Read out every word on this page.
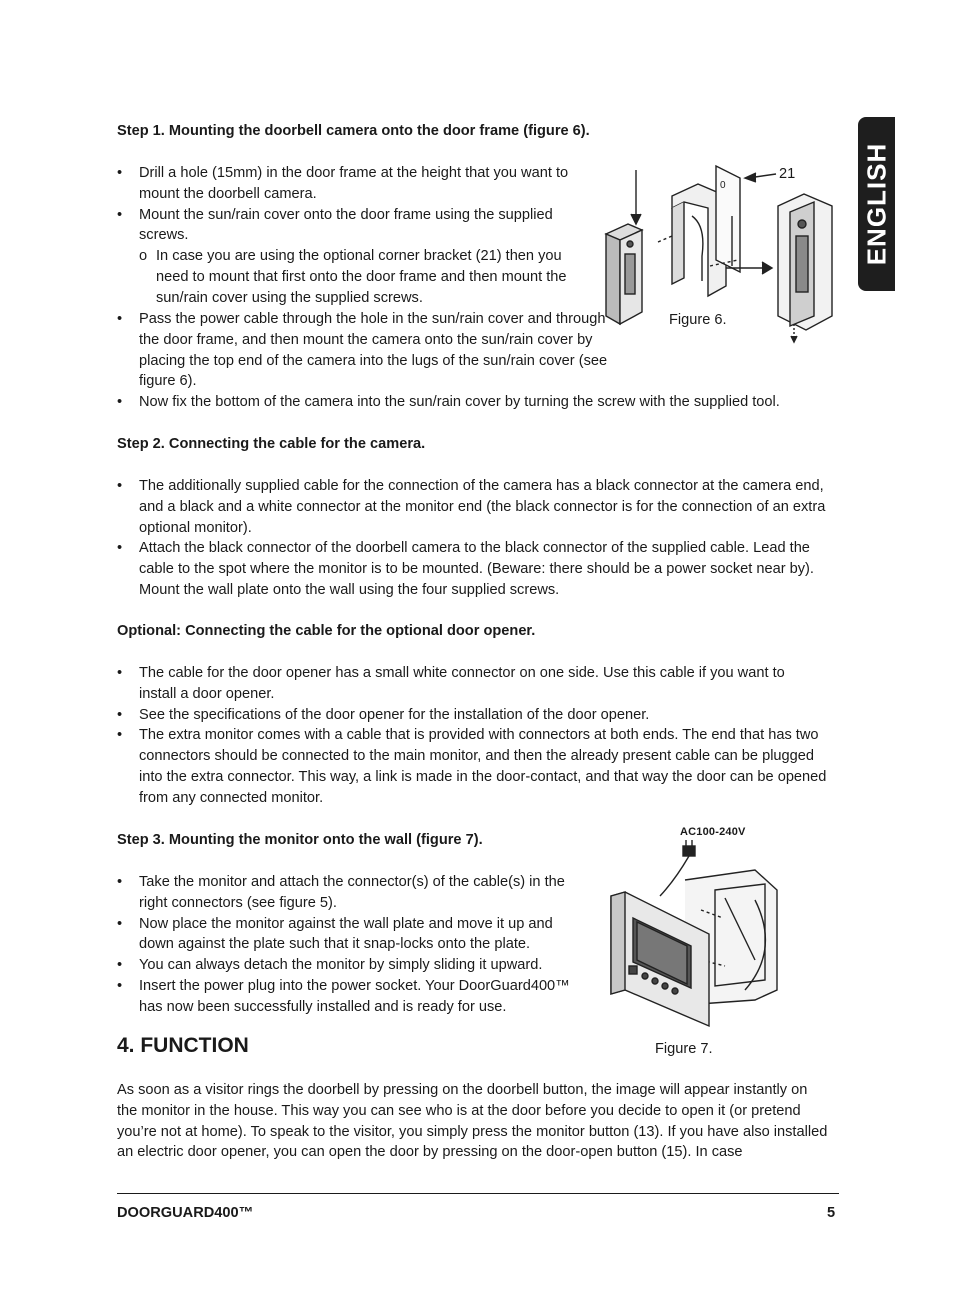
ENGLISH
Step 1. Mounting the doorbell camera onto the door frame (figure 6).
• Drill a hole (15mm) in the door frame at the height that you want to mount the doorbell camera.
• Mount the sun/rain cover onto the door frame using the supplied screws.
o In case you are using the optional corner bracket (21) then you need to mount that first onto the door frame and then mount the sun/rain cover using the supplied screws.
• Pass the power cable through the hole in the sun/rain cover and through the door frame, and then mount the camera onto the sun/rain cover by placing the top end of the camera into the lugs of the sun/rain cover (see figure 6).
• Now fix the bottom of the camera into the sun/rain cover by turning the screw with the supplied tool.
0
21
Figure 6.
Step 2. Connecting the cable for the camera.
• The additionally supplied cable for the connection of the camera has a black connector at the camera end, and a black and a white connector at the monitor end (the black connector is for the connection of an extra optional monitor).
• Attach the black connector of the doorbell camera to the black connector of the supplied cable. Lead the cable to the spot where the monitor is to be mounted. (Beware: there should be a power socket near by). Mount the wall plate onto the wall using the four supplied screws.
Optional: Connecting the cable for the optional door opener.
• The cable for the door opener has a small white connector on one side. Use this cable if you want to install a door opener.
• See the specifications of the door opener for the installation of the door opener.
• The extra monitor comes with a cable that is provided with connectors at both ends. The end that has two connectors should be connected to the main monitor, and then the already present cable can be plugged into the extra connector. This way, a link is made in the door-contact, and that way the door can be opened from any connected monitor.
Step 3. Mounting the monitor onto the wall (figure 7).
• Take the monitor and attach the connector(s) of the cable(s) in the right connectors (see figure 5).
• Now place the monitor against the wall plate and move it up and down against the plate such that it snap-locks onto the plate.
• You can always detach the monitor by simply sliding it upward.
• Insert the power plug into the power socket. Your DoorGuard400™ has now been successfully installed and is ready for use.
AC100-240V
Figure 7.
4. FUNCTION

As soon as a visitor rings the doorbell by pressing on the doorbell button, the image will appear instantly on the monitor in the house. This way you can see who is at the door before you decide to open it (or pretend you’re not at home). To speak to the visitor, you simply press the monitor button (13). If you have also installed an electric door opener, you can open the door by pressing on the door-open button (15). In case

DOORGUARD400™	5
